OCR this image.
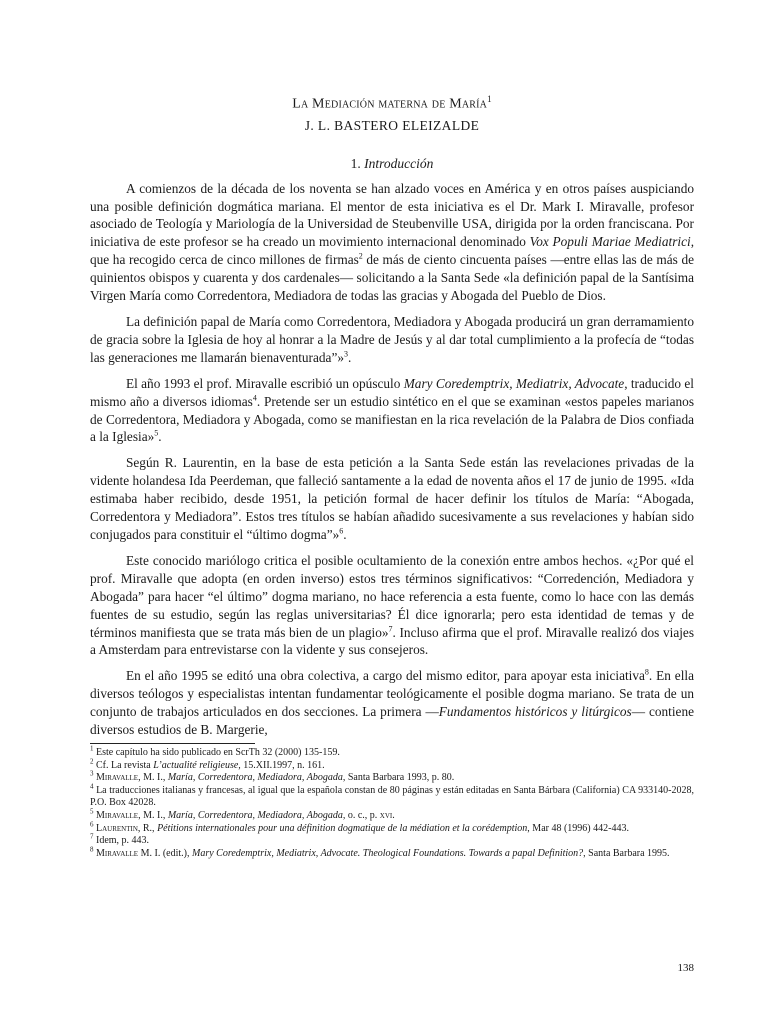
La Mediación materna de María$^1$
J. L. BASTERO ELEIZALDE
1. Introducción

A comienzos de la década de los noventa se han alzado voces en América y en otros países auspiciando una posible definición dogmática mariana. El mentor de esta iniciativa es el Dr. Mark I. Miravalle, profesor asociado de Teología y Mariología de la Universidad de Steubenville USA, dirigida por la orden franciscana. Por iniciativa de este profesor se ha creado un movimiento internacional denominado Vox Populi Mariae Mediatrici, que ha recogido cerca de cinco millones de firmas$^2$ de más de ciento cincuenta países —entre ellas las de más de quinientos obispos y cuarenta y dos cardenales— solicitando a la Santa Sede «la definición papal de la Santísima Virgen María como Corredentora, Mediadora de todas las gracias y Abogada del Pueblo de Dios.

La definición papal de María como Corredentora, Mediadora y Abogada producirá un gran derramamiento de gracia sobre la Iglesia de hoy al honrar a la Madre de Jesús y al dar total cumplimiento a la profecía de “todas las generaciones me llamarán bienaventurada”»$^3$.

El año 1993 el prof. Miravalle escribió un opúsculo Mary Coredemptrix, Mediatrix, Advocate, traducido el mismo año a diversos idiomas$^4$. Pretende ser un estudio sintético en el que se examinan «estos papeles marianos de Corredentora, Mediadora y Abogada, como se manifiestan en la rica revelación de la Palabra de Dios confiada a la Iglesia»$^5$.

Según R. Laurentin, en la base de esta petición a la Santa Sede están las revelaciones privadas de la vidente holandesa Ida Peerdeman, que falleció santamente a la edad de noventa años el 17 de junio de 1995. «Ida estimaba haber recibido, desde 1951, la petición formal de hacer definir los títulos de María: “Abogada, Corredentora y Mediadora”. Estos tres títulos se habían añadido sucesivamente a sus revelaciones y habían sido conjugados para constituir el “último dogma”»$^6$.

Este conocido mariólogo critica el posible ocultamiento de la conexión entre ambos hechos. «¿Por qué el prof. Miravalle que adopta (en orden inverso) estos tres términos significativos: “Corredención, Mediadora y Abogada” para hacer “el último” dogma mariano, no hace referencia a esta fuente, como lo hace con las demás fuentes de su estudio, según las reglas universitarias? Él dice ignorarla; pero esta identidad de temas y de términos manifiesta que se trata más bien de un plagio»$^7$. Incluso afirma que el prof. Miravalle realizó dos viajes a Amsterdam para entrevistarse con la vidente y sus consejeros.

En el año 1995 se editó una obra colectiva, a cargo del mismo editor, para apoyar esta iniciativa$^8$. En ella diversos teólogos y especialistas intentan fundamentar teológicamente el posible dogma mariano. Se trata de un conjunto de trabajos articulados en dos secciones. La primera —Fundamentos históricos y litúrgicos— contiene diversos estudios de B. Margerie,

$^1$ Este capítulo ha sido publicado en ScrTh 32 (2000) 135-159.
$^2$ Cf. La revista L’actualité religieuse, 15.XII.1997, n. 161.
$^3$ Miravalle, M. I., María, Corredentora, Mediadora, Abogada, Santa Barbara 1993, p. 80.
$^4$ La traducciones italianas y francesas, al igual que la española constan de 80 páginas y están editadas en Santa Bárbara (California) CA 933140-2028, P.O. Box 42028.
$^5$ Miravalle, M. I., María, Corredentora, Mediadora, Abogada, o. c., p. xvi.
$^6$ Laurentin, R., Pétitions internationales pour una définition dogmatique de la médiation et la corédemption, Mar 48 (1996) 442-443.
$^7$ Idem, p. 443.
$^8$ Miravalle M. I. (edit.), Mary Coredemptrix, Mediatrix, Advocate. Theological Foundations. Towards a papal Definition?, Santa Barbara 1995.
138
